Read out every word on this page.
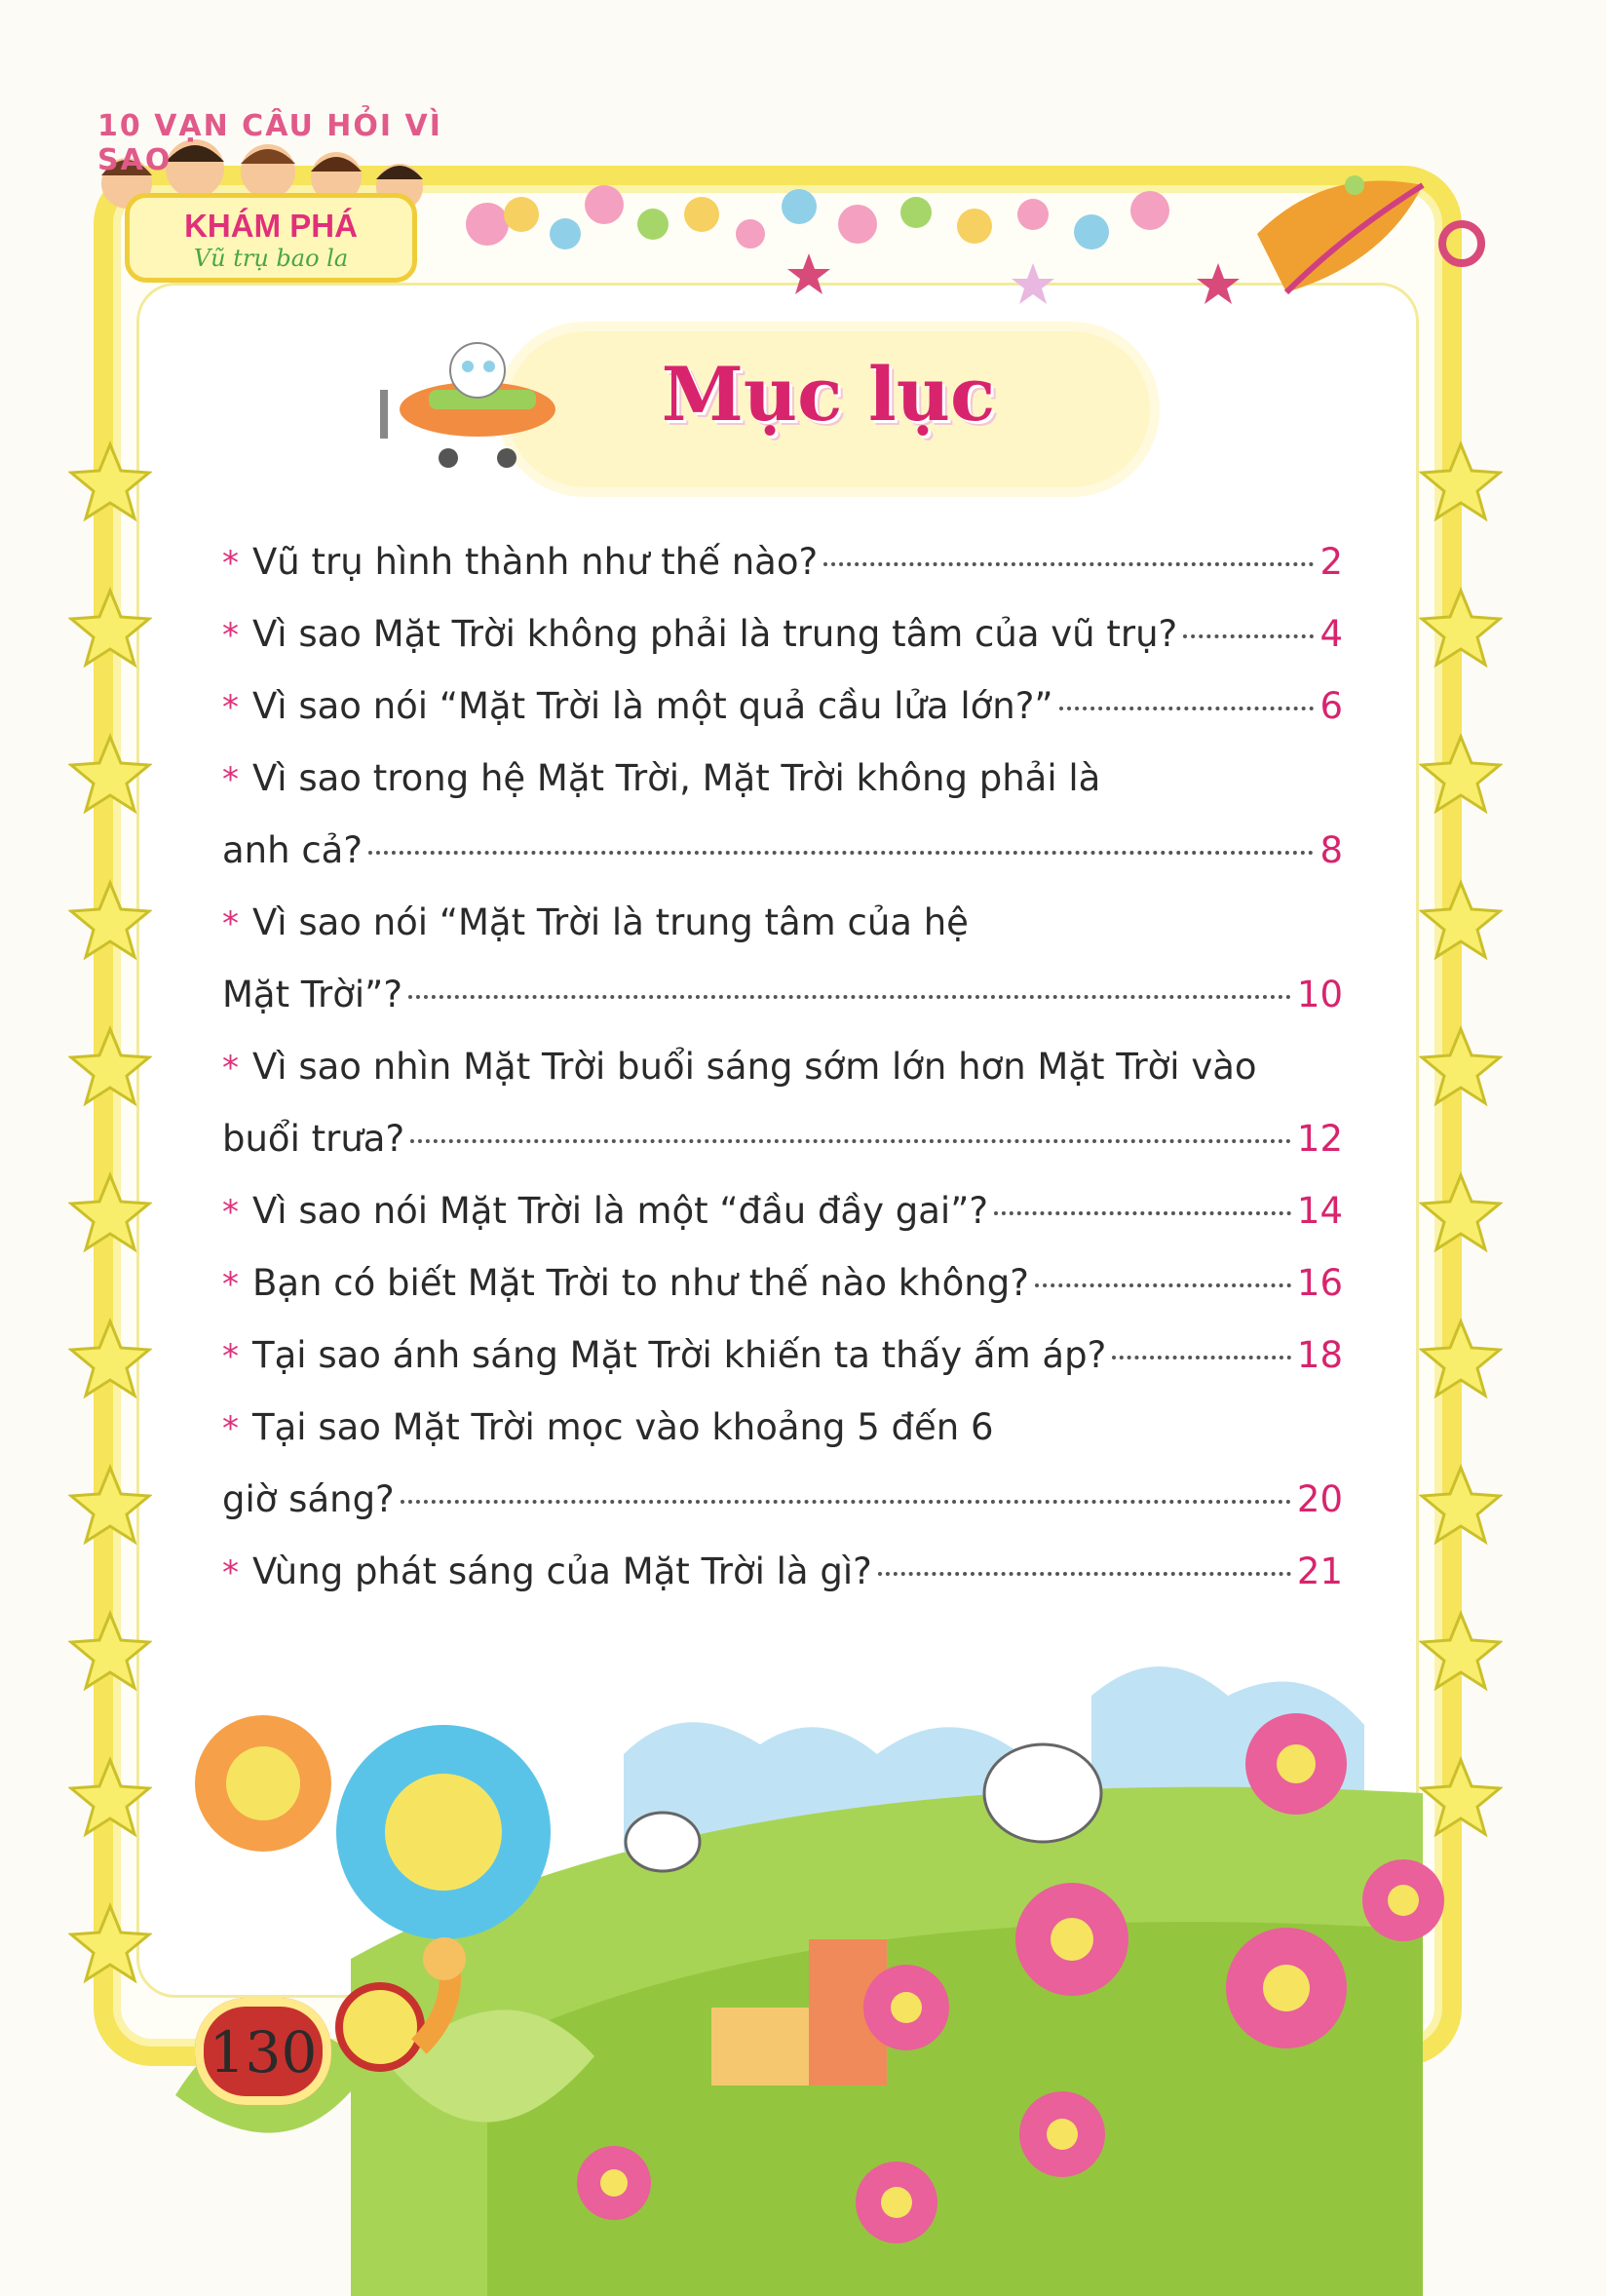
10 VẠN CÂU HỎI VÌ SAO
KHÁM PHÁ
Vũ trụ bao la
Mục lục
* Vũ trụ hình thành như thế nào?	2
* Vì sao Mặt Trời không phải là trung tâm của vũ trụ?	4
* Vì sao nói “Mặt Trời là một quả cầu lửa lớn?”	6
* Vì sao trong hệ Mặt Trời, Mặt Trời không phải là
anh cả?	8
* Vì sao nói “Mặt Trời là trung tâm của hệ
Mặt Trời”?	10
* Vì sao nhìn Mặt Trời buổi sáng sớm lớn hơn Mặt Trời vào
buổi trưa?	12
* Vì sao nói Mặt Trời là một “đầu đầy gai”?	14
* Bạn có biết Mặt Trời to như thế nào không?	16
* Tại sao ánh sáng Mặt Trời khiến ta thấy ấm áp?	18
* Tại sao Mặt Trời mọc vào khoảng 5 đến 6
giờ sáng?	20
* Vùng phát sáng của Mặt Trời là gì?	21
130
